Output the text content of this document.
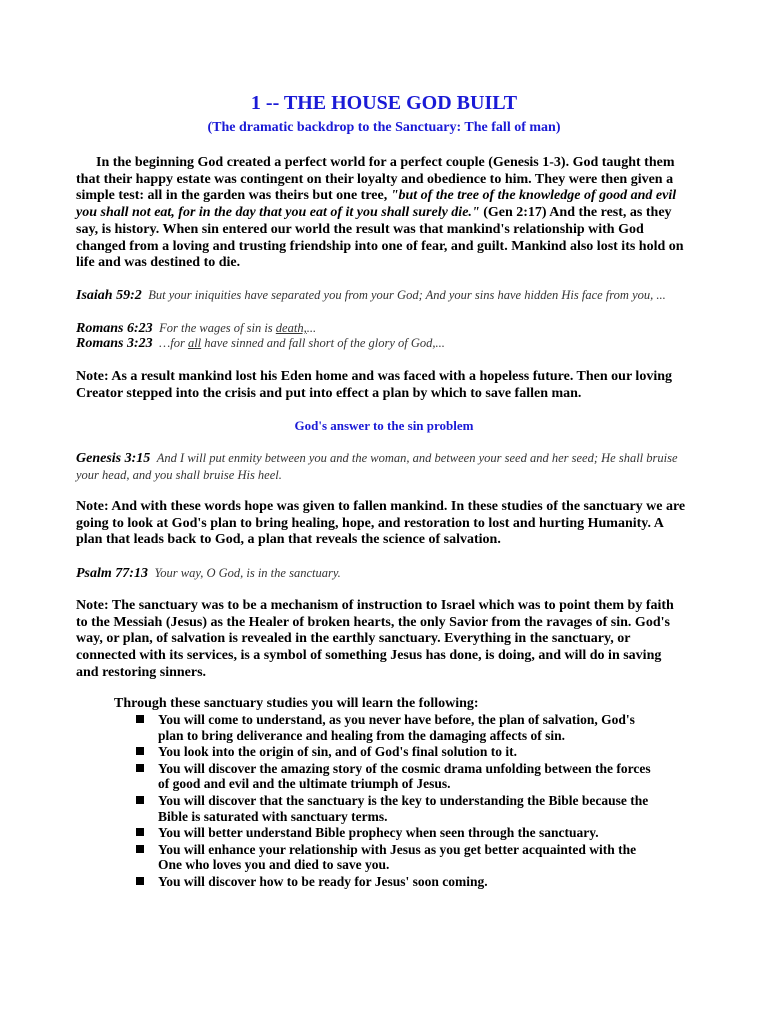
1 -- THE HOUSE GOD BUILT
(The dramatic backdrop to the Sanctuary: The fall of man)
In the beginning God created a perfect world for a perfect couple (Genesis 1-3). God taught them that their happy estate was contingent on their loyalty and obedience to him. They were then given a simple test: all in the garden was theirs but one tree, "but of the tree of the knowledge of good and evil you shall not eat, for in the day that you eat of it you shall surely die." (Gen 2:17) And the rest, as they say, is history. When sin entered our world the result was that mankind's relationship with God changed from a loving and trusting friendship into one of fear, and guilt. Mankind also lost its hold on life and was destined to die.
Isaiah 59:2 But your iniquities have separated you from your God; And your sins have hidden His face from you, ...
Romans 6:23 For the wages of sin is death,...
Romans 3:23 …for all have sinned and fall short of the glory of God,...
Note: As a result mankind lost his Eden home and was faced with a hopeless future. Then our loving Creator stepped into the crisis and put into effect a plan by which to save fallen man.
God's answer to the sin problem
Genesis 3:15 And I will put enmity between you and the woman, and between your seed and her seed; He shall bruise your head, and you shall bruise His heel.
Note: And with these words hope was given to fallen mankind. In these studies of the sanctuary we are going to look at God's plan to bring healing, hope, and restoration to lost and hurting Humanity. A plan that leads back to God, a plan that reveals the science of salvation.
Psalm 77:13 Your way, O God, is in the sanctuary.
Note: The sanctuary was to be a mechanism of instruction to Israel which was to point them by faith to the Messiah (Jesus) as the Healer of broken hearts, the only Savior from the ravages of sin. God's way, or plan, of salvation is revealed in the earthly sanctuary. Everything in the sanctuary, or connected with its services, is a symbol of something Jesus has done, is doing, and will do in saving and restoring sinners.
Through these sanctuary studies you will learn the following:
You will come to understand, as you never have before, the plan of salvation, God's plan to bring deliverance and healing from the damaging affects of sin.
You look into the origin of sin, and of God's final solution to it.
You will discover the amazing story of the cosmic drama unfolding between the forces of good and evil and the ultimate triumph of Jesus.
You will discover that the sanctuary is the key to understanding the Bible because the Bible is saturated with sanctuary terms.
You will better understand Bible prophecy when seen through the sanctuary.
You will enhance your relationship with Jesus as you get better acquainted with the One who loves you and died to save you.
You will discover how to be ready for Jesus' soon coming.
